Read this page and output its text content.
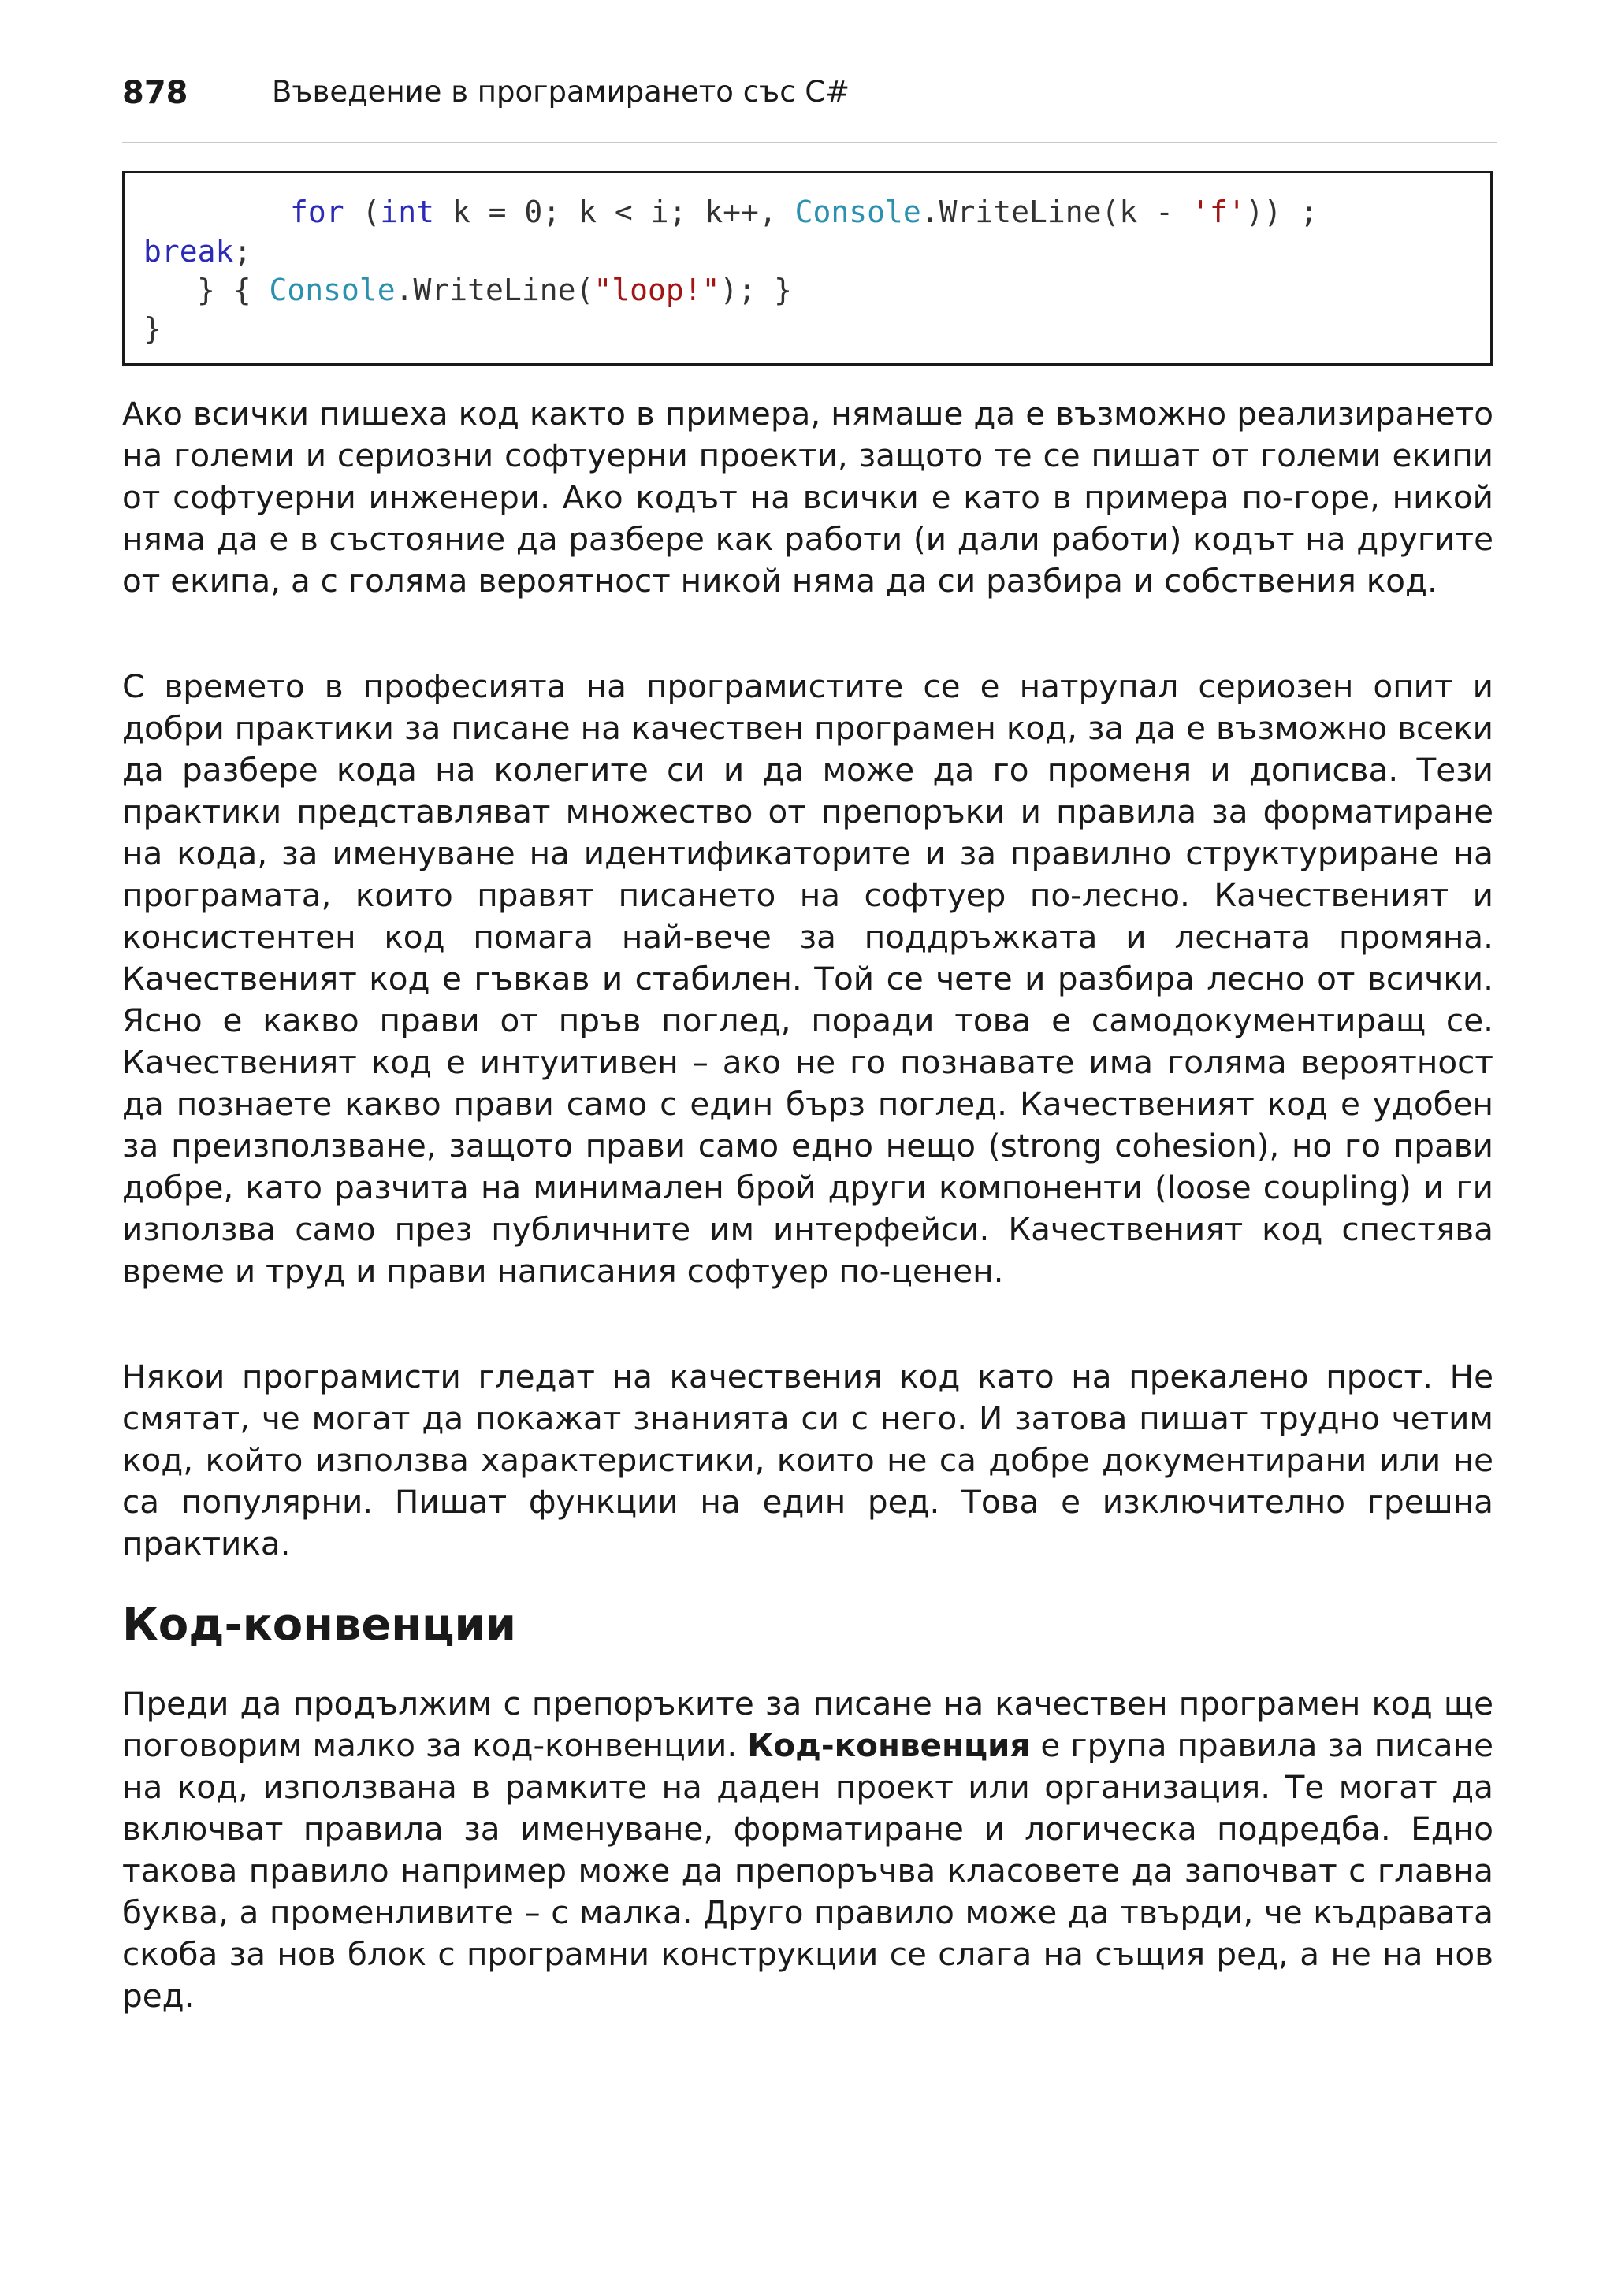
878	Въведение в програмирането със C#
for (int k = 0; k < i; k++, Console.WriteLine(k - 'f')) ;
break;
} { Console.WriteLine("loop!"); }
}

Ако всички пишеха код както в примера, нямаше да е възможно реализирането на големи и сериозни софтуерни проекти, защото те се пишат от големи екипи от софтуерни инженери. Ако кодът на всички е като в примера по-горе, никой няма да е в състояние да разбере как работи (и дали работи) кодът на другите от екипа, а с голяма вероятност никой няма да си разбира и собствения код.

С времето в професията на програмистите се е натрупал сериозен опит и добри практики за писане на качествен програмен код, за да е възможно всеки да разбере кода на колегите си и да може да го променя и дописва. Тези практики представляват множество от препоръки и правила за форматиране на кода, за именуване на идентификаторите и за правилно структуриране на програмата, които правят писането на софтуер по-лесно. Качественият и консистентен код помага най-вече за поддръжката и лесната промяна. Качественият код е гъвкав и стабилен. Той се чете и разбира лесно от всички. Ясно е какво прави от пръв поглед, поради това е самодокументиращ се. Качественият код е интуитивен – ако не го познавате има голяма вероятност да познаете какво прави само с един бърз поглед. Качественият код е удобен за преизползване, защото прави само едно нещо (strong cohesion), но го прави добре, като разчита на минимален брой други компоненти (loose coupling) и ги използва само през публичните им интерфейси. Качественият код спестява време и труд и прави написания софтуер по-ценен.

Някои програмисти гледат на качествения код като на прекалено прост. Не смятат, че могат да покажат знанията си с него. И затова пишат трудно четим код, който използва характеристики, които не са добре документирани или не са популярни. Пишат функции на един ред. Това е изключително грешна практика.

Код-конвенции

Преди да продължим с препоръките за писане на качествен програмен код ще поговорим малко за код-конвенции. Код-конвенция е група правила за писане на код, използвана в рамките на даден проект или организация. Те могат да включват правила за именуване, форматиране и логическа подредба. Едно такова правило например може да препоръчва класовете да започват с главна буква, а променливите – с малка. Друго правило може да твърди, че къдравата скоба за нов блок с програмни конструкции се слага на същия ред, а не на нов ред.
